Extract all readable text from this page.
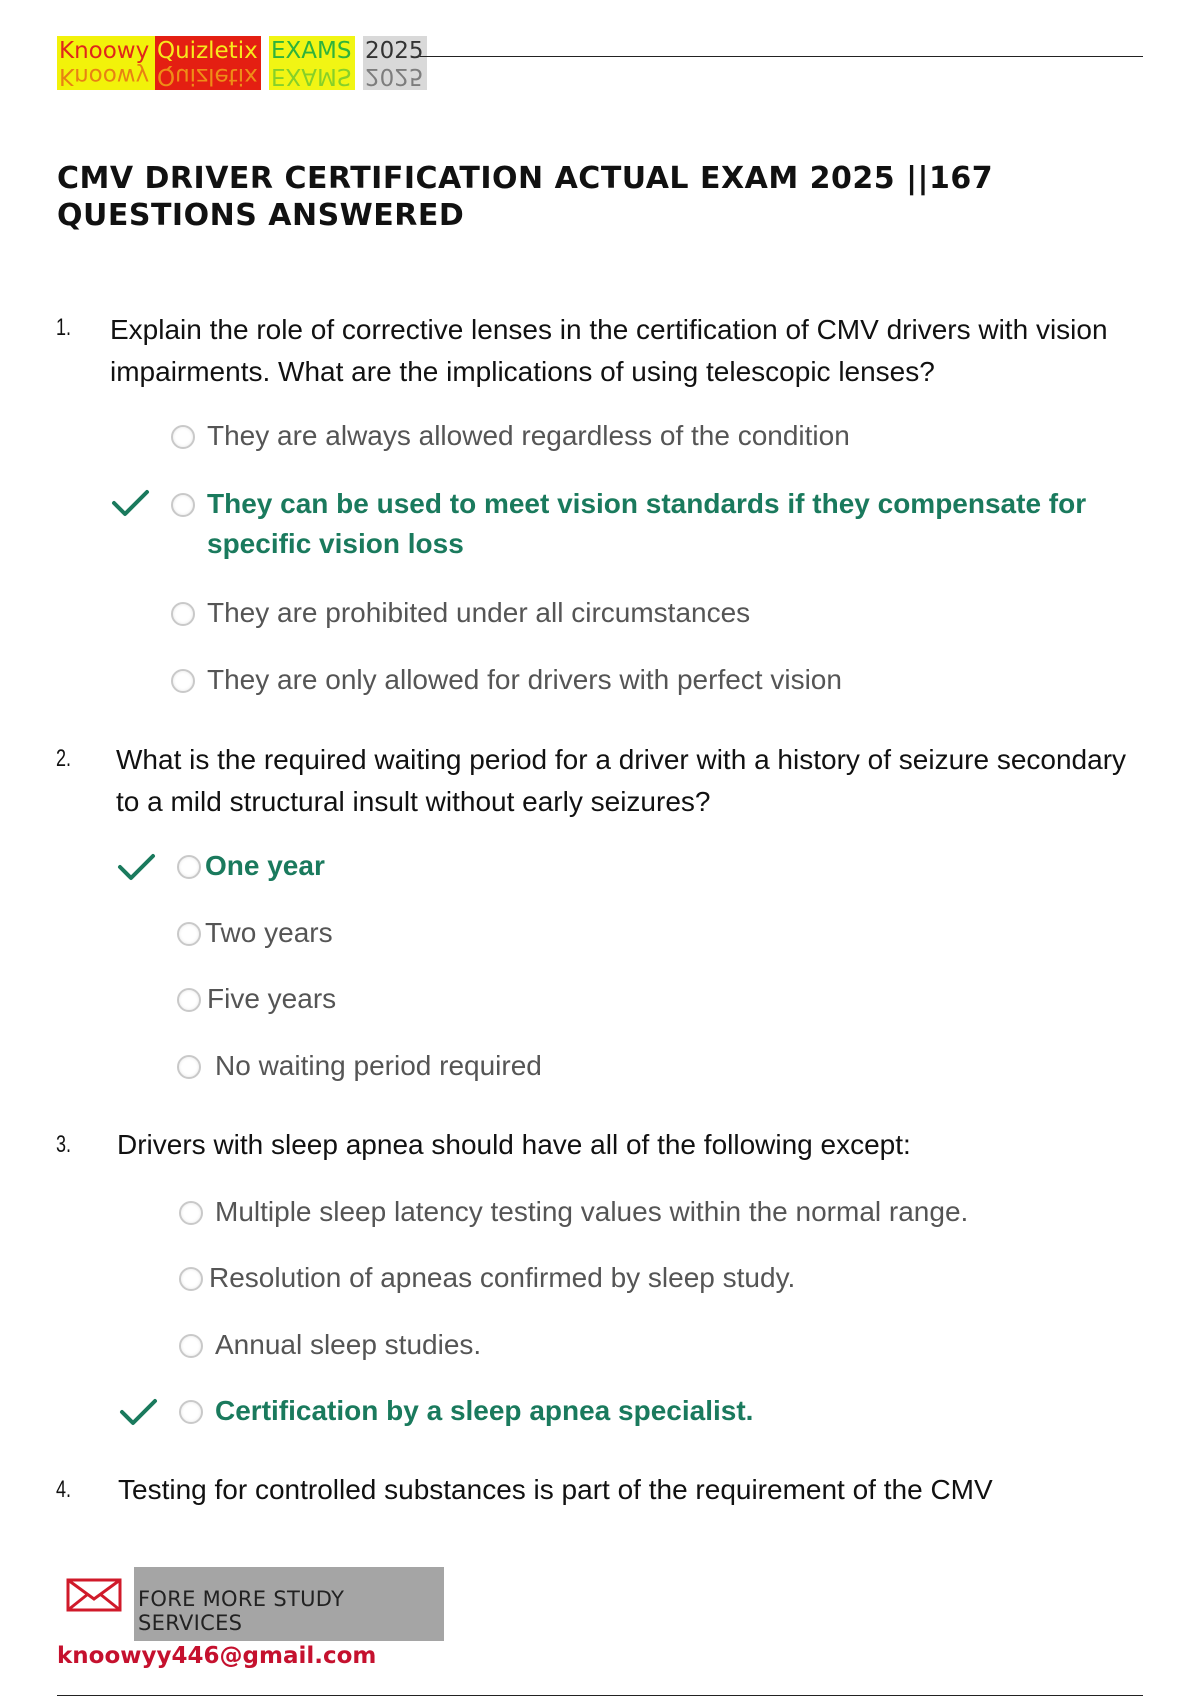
Knoowy
Knoowy
Quizletix
Quizletix
EXAMS
EXAMS
2025
2025
CMV DRIVER CERTIFICATION ACTUAL EXAM 2025 ||167 QUESTIONS ANSWERED
1. Explain the role of corrective lenses in the certification of CMV drivers with vision impairments. What are the implications of using telescopic lenses?
They are always allowed regardless of the condition
They can be used to meet vision standards if they compensate for specific vision loss
They are prohibited under all circumstances
They are only allowed for drivers with perfect vision
2. What is the required waiting period for a driver with a history of seizure secondary to a mild structural insult without early seizures?
One year
Two years
Five years
No waiting period required
3. Drivers with sleep apnea should have all of the following except:
Multiple sleep latency testing values within the normal range.
Resolution of apneas confirmed by sleep study.
Annual sleep studies.
Certification by a sleep apnea specialist.
4. Testing for controlled substances is part of the requirement of the CMV
FORE MORE STUDY SERVICES
knoowyy446@gmail.com
